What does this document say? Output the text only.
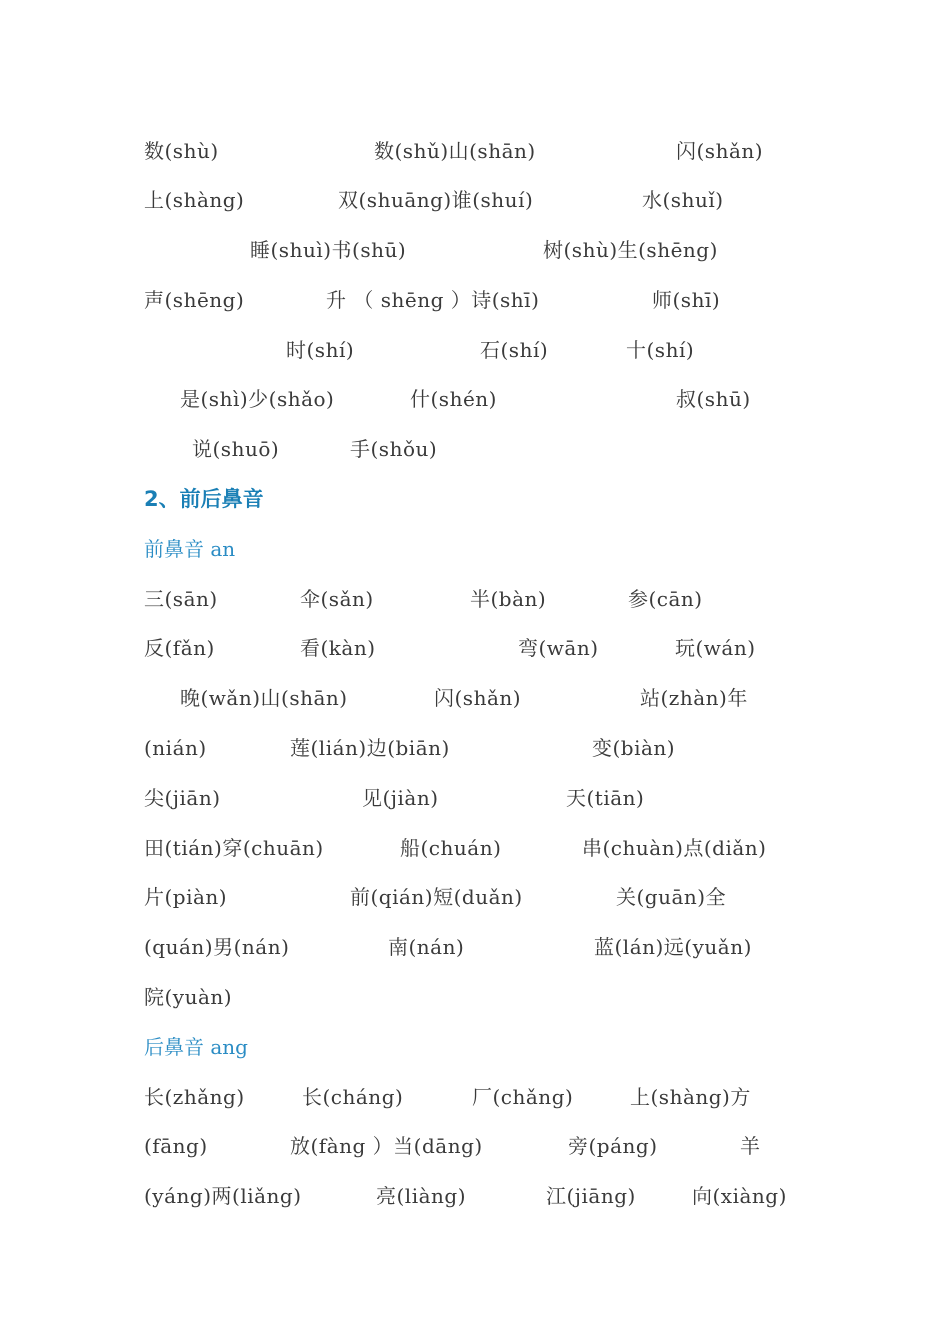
数(shù)	数(shǔ)山(shān)	闪(shǎn)
上(shàng)	双(shuāng)谁(shuí)	水(shuǐ)
睡(shuì)书(shū)	树(shù)生(shēng)
声(shēng)	升 （ shēng ）诗(shī)	师(shī)
时(shí)	石(shí)	十(shí)
是(shì)少(shǎo)	什(shén)	叔(shū)
说(shuō)	手(shǒu)
2、前后鼻音
前鼻音 an
三(sān)	伞(sǎn)	半(bàn)	参(cān)
反(fǎn)	看(kàn)	弯(wān)	玩(wán)
晚(wǎn)山(shān)	闪(shǎn)	站(zhàn)年
(nián)	莲(lián)边(biān)	变(biàn)
尖(jiān)	见(jiàn)	天(tiān)
田(tián)穿(chuān)	船(chuán)	串(chuàn)点(diǎn)
片(piàn)	前(qián)短(duǎn)	关(guān)全
(quán)男(nán)	南(nán)	蓝(lán)远(yuǎn)
院(yuàn)
后鼻音 ang
长(zhǎng)	长(cháng)	厂(chǎng)	上(shàng)方
(fāng)	放(fàng ）当(dāng)	旁(páng)	羊
(yáng)两(liǎng)	亮(liàng)	江(jiāng)	向(xiàng)
